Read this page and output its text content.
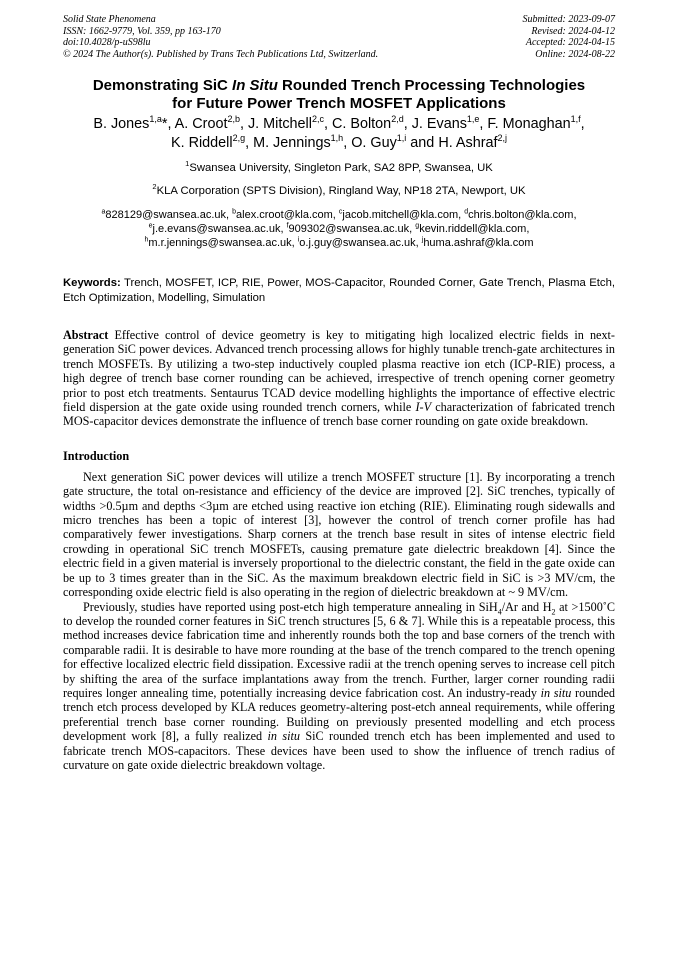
Solid State Phenomena
ISSN: 1662-9779, Vol. 359, pp 163-170
doi:10.4028/p-uS98lu
© 2024 The Author(s). Published by Trans Tech Publications Ltd, Switzerland.
Submitted: 2023-09-07
Revised: 2024-04-12
Accepted: 2024-04-15
Online: 2024-08-22
Demonstrating SiC In Situ Rounded Trench Processing Technologies
for Future Power Trench MOSFET Applications
B. Jones$^{1,a}$*, A. Croot$^{2,b}$, J. Mitchell$^{2,c}$, C. Bolton$^{2,d}$, J. Evans$^{1,e}$, F. Monaghan$^{1,f}$,
K. Riddell$^{2,g}$, M. Jennings$^{1,h}$, O. Guy$^{1,i}$ and H. Ashraf$^{2,j}$
$^1$Swansea University, Singleton Park, SA2 8PP, Swansea, UK
$^2$KLA Corporation (SPTS Division), Ringland Way, NP18 2TA, Newport, UK
$^a$828129@swansea.ac.uk, $^b$alex.croot@kla.com, $^c$jacob.mitchell@kla.com, $^d$chris.bolton@kla.com,
$^e$j.e.evans@swansea.ac.uk, $^f$909302@swansea.ac.uk, $^g$kevin.riddell@kla.com,
$^h$m.r.jennings@swansea.ac.uk, $^i$o.j.guy@swansea.ac.uk, $^j$huma.ashraf@kla.com
Keywords: Trench, MOSFET, ICP, RIE, Power, MOS-Capacitor, Rounded Corner, Gate Trench, Plasma Etch, Etch Optimization, Modelling, Simulation
Abstract Effective control of device geometry is key to mitigating high localized electric fields in next-generation SiC power devices. Advanced trench processing allows for highly tunable trench-gate architectures in trench MOSFETs. By utilizing a two-step inductively coupled plasma reactive ion etch (ICP-RIE) process, a high degree of trench base corner rounding can be achieved, irrespective of trench opening corner geometry prior to post etch treatments. Sentaurus TCAD device modelling highlights the importance of effective electric field dispersion at the gate oxide using rounded trench corners, while I-V characterization of fabricated trench MOS-capacitor devices demonstrate the influence of trench base corner rounding on gate oxide breakdown.
Introduction
Next generation SiC power devices will utilize a trench MOSFET structure [1]. By incorporating a trench gate structure, the total on-resistance and efficiency of the device are improved [2]. SiC trenches, typically of widths >0.5µm and depths <3µm are etched using reactive ion etching (RIE). Eliminating rough sidewalls and micro trenches has been a topic of interest [3], however the control of trench corner profile has had comparatively fewer investigations. Sharp corners at the trench base result in sites of intense electric field crowding in operational SiC trench MOSFETs, causing premature gate dielectric breakdown [4]. Since the electric field in a given material is inversely proportional to the dielectric constant, the field in the gate oxide can be up to 3 times greater than in the SiC. As the maximum breakdown electric field in SiC is >3 MV/cm, the corresponding oxide electric field is also operating in the region of dielectric breakdown at ~ 9 MV/cm.
Previously, studies have reported using post-etch high temperature annealing in SiH$_4$/Ar and $H_2$ at >1500˚C to develop the rounded corner features in SiC trench structures [5, 6 & 7]. While this is a repeatable process, this method increases device fabrication time and inherently rounds both the top and base corners of the trench with comparable radii. It is desirable to have more rounding at the base of the trench compared to the trench opening for effective localized electric field dissipation. Excessive radii at the trench opening serves to increase cell pitch by shifting the area of the surface implantations away from the trench. Further, larger corner rounding radii requires longer annealing time, potentially increasing device fabrication cost. An industry-ready in situ rounded trench etch process developed by KLA reduces geometry-altering post-etch anneal requirements, while offering preferential trench base corner rounding. Building on previously presented modelling and etch process development work [8], a fully realized in situ SiC rounded trench etch has been implemented and used to fabricate trench MOS-capacitors. These devices have been used to show the influence of trench radius of curvature on gate oxide dielectric breakdown voltage.
